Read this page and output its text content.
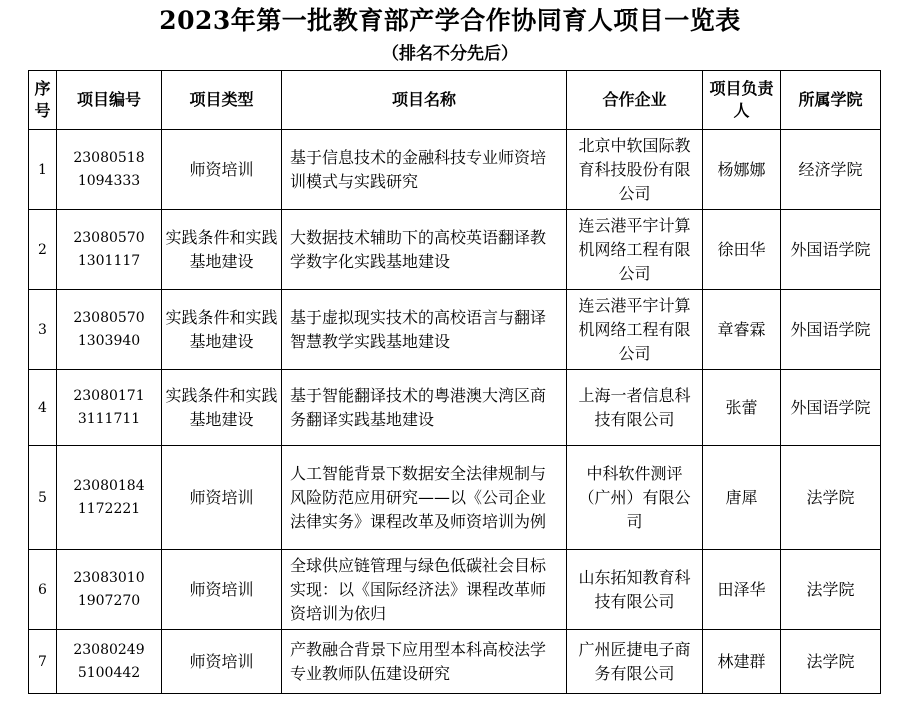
2023年第一批教育部产学合作协同育人项目一览表
（排名不分先后）
序号	项目编号	项目类型	项目名称	合作企业	项目负责人	所属学院
1	23080518 1094333	师资培训	基于信息技术的金融科技专业师资培训模式与实践研究	北京中软国际教育科技股份有限公司	杨娜娜	经济学院
2	23080570 1301117	实践条件和实践基地建设	大数据技术辅助下的高校英语翻译教学数字化实践基地建设	连云港平宇计算机网络工程有限公司	徐田华	外国语学院
3	23080570 1303940	实践条件和实践基地建设	基于虚拟现实技术的高校语言与翻译智慧教学实践基地建设	连云港平宇计算机网络工程有限公司	章睿霖	外国语学院
4	23080171 3111711	实践条件和实践基地建设	基于智能翻译技术的粤港澳大湾区商务翻译实践基地建设	上海一者信息科技有限公司	张蕾	外国语学院
5	23080184 1172221	师资培训	人工智能背景下数据安全法律规制与风险防范应用研究——以《公司企业法律实务》课程改革及师资培训为例	中科软件测评（广州）有限公司	唐犀	法学院
6	23083010 1907270	师资培训	全球供应链管理与绿色低碳社会目标实现：以《国际经济法》课程改革师资培训为依归	山东拓知教育科技有限公司	田泽华	法学院
7	23080249 5100442	师资培训	产教融合背景下应用型本科高校法学专业教师队伍建设研究	广州匠捷电子商务有限公司	林建群	法学院
